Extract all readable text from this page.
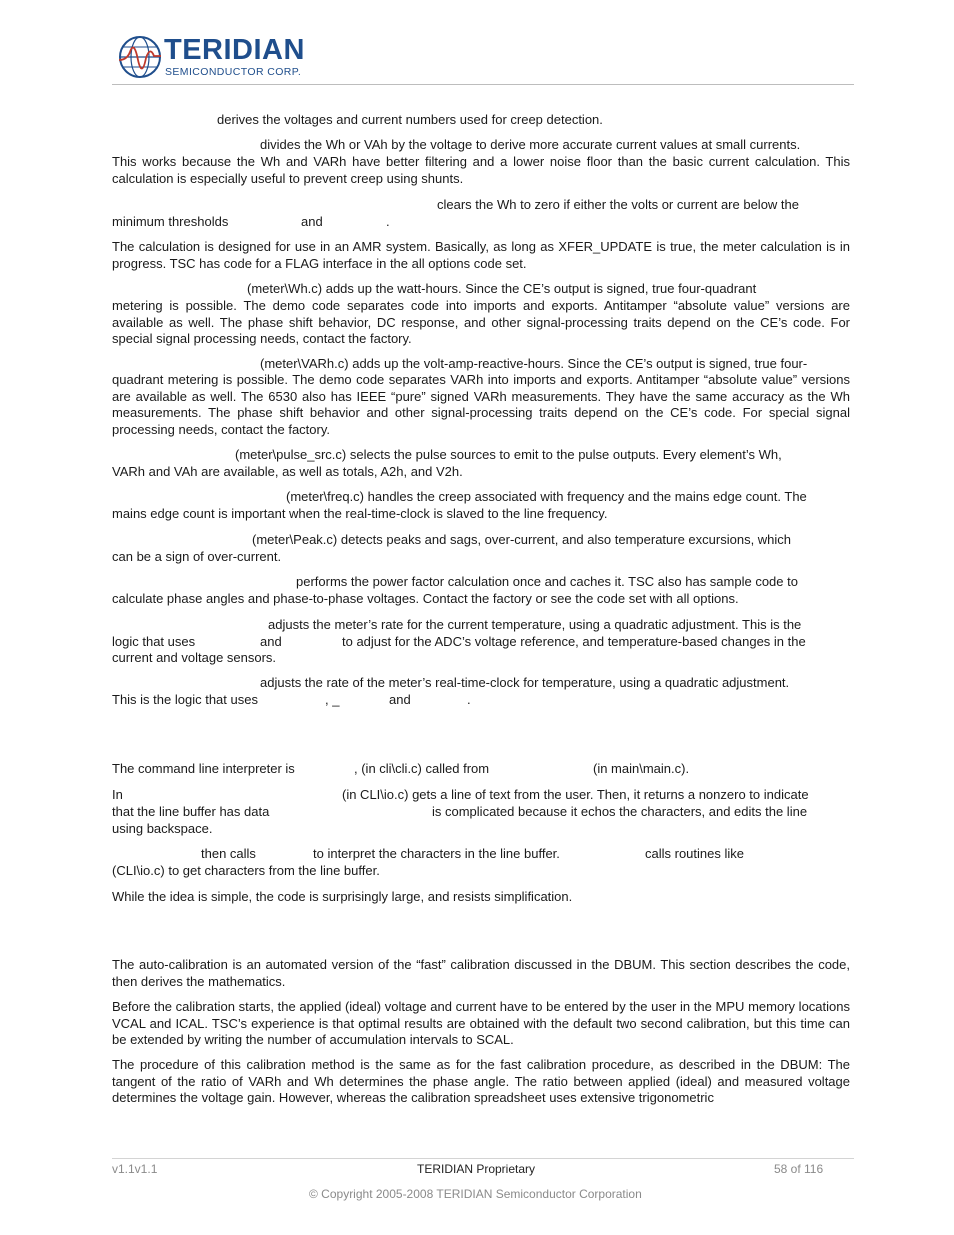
TERIDIAN
SEMICONDUCTOR CORP.
derives the voltages and current numbers used for creep detection.
divides the Wh or VAh by the voltage to derive more accurate current values at small currents.

This works because the Wh and VARh have better filtering and a lower noise floor than the basic current calculation. This calculation is especially useful to prevent creep using shunts.

clears the Wh to zero if either the volts or current are below the
minimum thresholds	and	.

The calculation is designed for use in an AMR system. Basically, as long as XFER_UPDATE is true, the meter calculation is in progress. TSC has code for a FLAG interface in the all options code set.

(meter\Wh.c) adds up the watt-hours. Since the CE’s output is signed, true four-quadrant

metering is possible. The demo code separates code into imports and exports. Antitamper “absolute value” versions are available as well. The phase shift behavior, DC response, and other signal-processing traits depend on the CE’s code. For special signal processing needs, contact the factory.

(meter\VARh.c) adds up the volt-amp-reactive-hours. Since the CE’s output is signed, true four-

quadrant metering is possible. The demo code separates VARh into imports and exports. Antitamper “absolute value” versions are available as well. The 6530 also has IEEE “pure” signed VARh measurements. They have the same accuracy as the Wh measurements. The phase shift behavior and other signal-processing traits depend on the CE’s code. For special signal processing needs, contact the factory.

(meter\pulse_src.c) selects the pulse sources to emit to the pulse outputs. Every element’s Wh,
VARh and VAh are available, as well as totals, A2h, and V2h.
(meter\freq.c) handles the creep associated with frequency and the mains edge count. The
mains edge count is important when the real-time-clock is slaved to the line frequency.
(meter\Peak.c) detects peaks and sags, over-current, and also temperature excursions, which
can be a sign of over-current.
performs the power factor calculation once and caches it. TSC also has sample code to
calculate phase angles and phase-to-phase voltages. Contact the factory or see the code set with all options.
adjusts the meter’s rate for the current temperature, using a quadratic adjustment. This is the
logic that uses	and	to adjust for the ADC’s voltage reference, and temperature-based changes in the
current and voltage sensors.
adjusts the rate of the meter’s real-time-clock for temperature, using a quadratic adjustment.
This is the logic that uses	, _	and	.
The command line interpreter is	, (in cli\cli.c) called from	(in main\main.c).
In	(in CLI\io.c) gets a line of text from the user. Then, it returns a nonzero to indicate
that the line buffer has data	is complicated because it echos the characters, and edits the line
using backspace.
then calls	to interpret the characters in the line buffer.	calls routines like
(CLI\io.c) to get characters from the line buffer.
While the idea is simple, the code is surprisingly large, and resists simplification.

The auto-calibration is an automated version of the “fast” calibration discussed in the DBUM. This section describes the code, then derives the mathematics.

Before the calibration starts, the applied (ideal) voltage and current have to be entered by the user in the MPU memory locations VCAL and ICAL. TSC’s experience is that optimal results are obtained with the default two second calibration, but this time can be extended by writing the number of accumulation intervals to SCAL.

The procedure of this calibration method is the same as for the fast calibration procedure, as described in the DBUM: The tangent of the ratio of VARh and Wh determines the phase angle. The ratio between applied (ideal) and measured voltage determines the voltage gain. However, whereas the calibration spreadsheet uses extensive trigonometric

v1.1v1.1	TERIDIAN Proprietary	58 of 116
© Copyright 2005-2008 TERIDIAN Semiconductor Corporation
